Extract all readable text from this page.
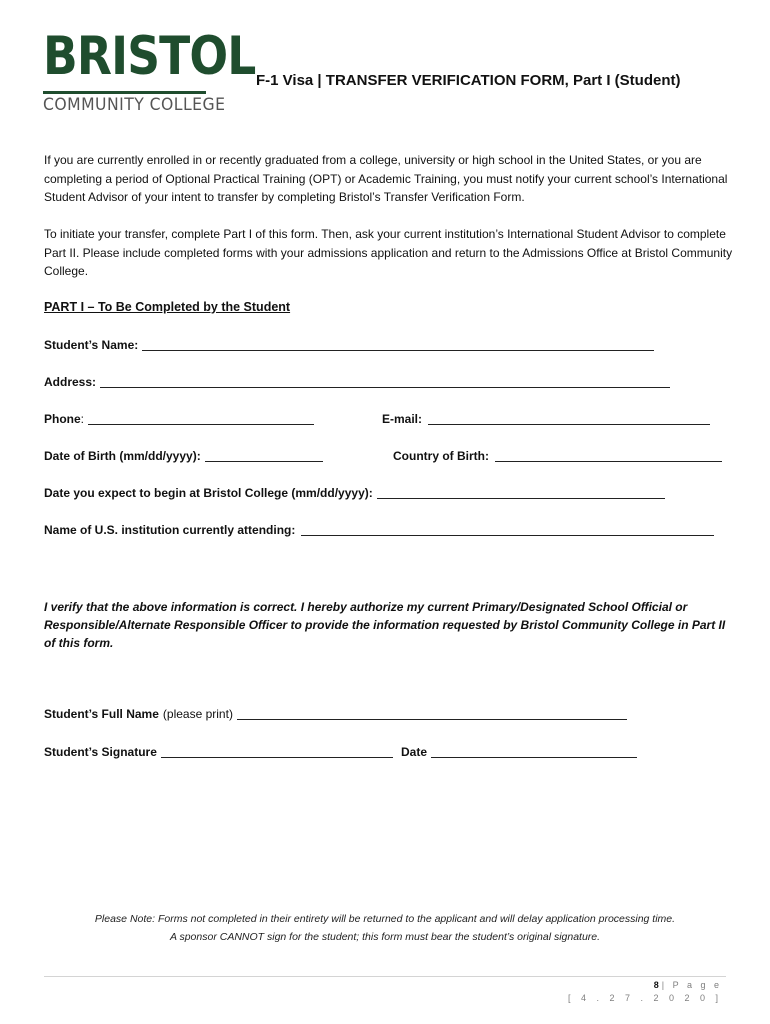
BRISTOL
COMMUNITY COLLEGE
F-1 Visa | TRANSFER VERIFICATION FORM, Part I (Student)

If you are currently enrolled in or recently graduated from a college, university or high school in the United States, or you are completing a period of Optional Practical Training (OPT) or Academic Training, you must notify your current school’s International Student Advisor of your intent to transfer by completing Bristol’s Transfer Verification Form.

To initiate your transfer, complete Part I of this form. Then, ask your current institution’s International Student Advisor to complete Part II. Please include completed forms with your admissions application and return to the Admissions Office at Bristol Community College.

PART I – To Be Completed by the Student
Student’s Name:
Address:
Phone :	E-mail:
Date of Birth (mm/dd/yyyy):	Country of Birth:
Date you expect to begin at Bristol College (mm/dd/yyyy):
Name of U.S. institution currently attending:

I verify that the above information is correct. I hereby authorize my current Primary/Designated School Official or Responsible/Alternate Responsible Officer to provide the information requested by Bristol Community College in Part II of this form.

Student’s Full Name (please print)
Student’s Signature	Date
Please Note: Forms not completed in their entirety will be returned to the applicant and will delay application processing time.
A sponsor CANNOT sign for the student; this form must bear the student’s original signature.
8| P a g e
[ 4 . 2 7 . 2 0 2 0 ]
